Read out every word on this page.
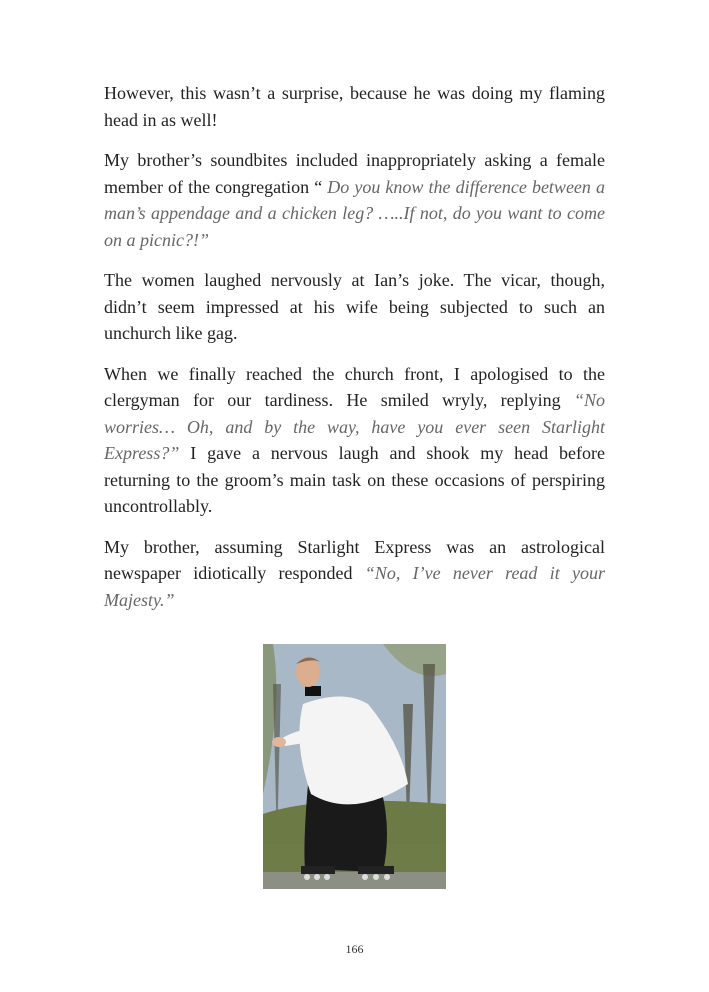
However, this wasn’t a surprise, because he was doing my flaming head in as well!

My brother’s soundbites included inappropriately asking a female member of the congregation “ Do you know the difference between a man’s appendage and a chicken leg? …..If not, do you want to come on a picnic?!”

The women laughed nervously at Ian’s joke. The vicar, though, didn’t seem impressed at his wife being subjected to such an unchurch like gag.

When we finally reached the church front, I apologised to the clergyman for our tardiness. He smiled wryly, replying “No worries… Oh, and by the way, have you ever seen Starlight Express?” I gave a nervous laugh and shook my head before returning to the groom’s main task on these occasions of perspiring uncontrollably.

My brother, assuming Starlight Express was an astrological newspaper idiotically responded “No, I’ve never read it your Majesty.”

166
